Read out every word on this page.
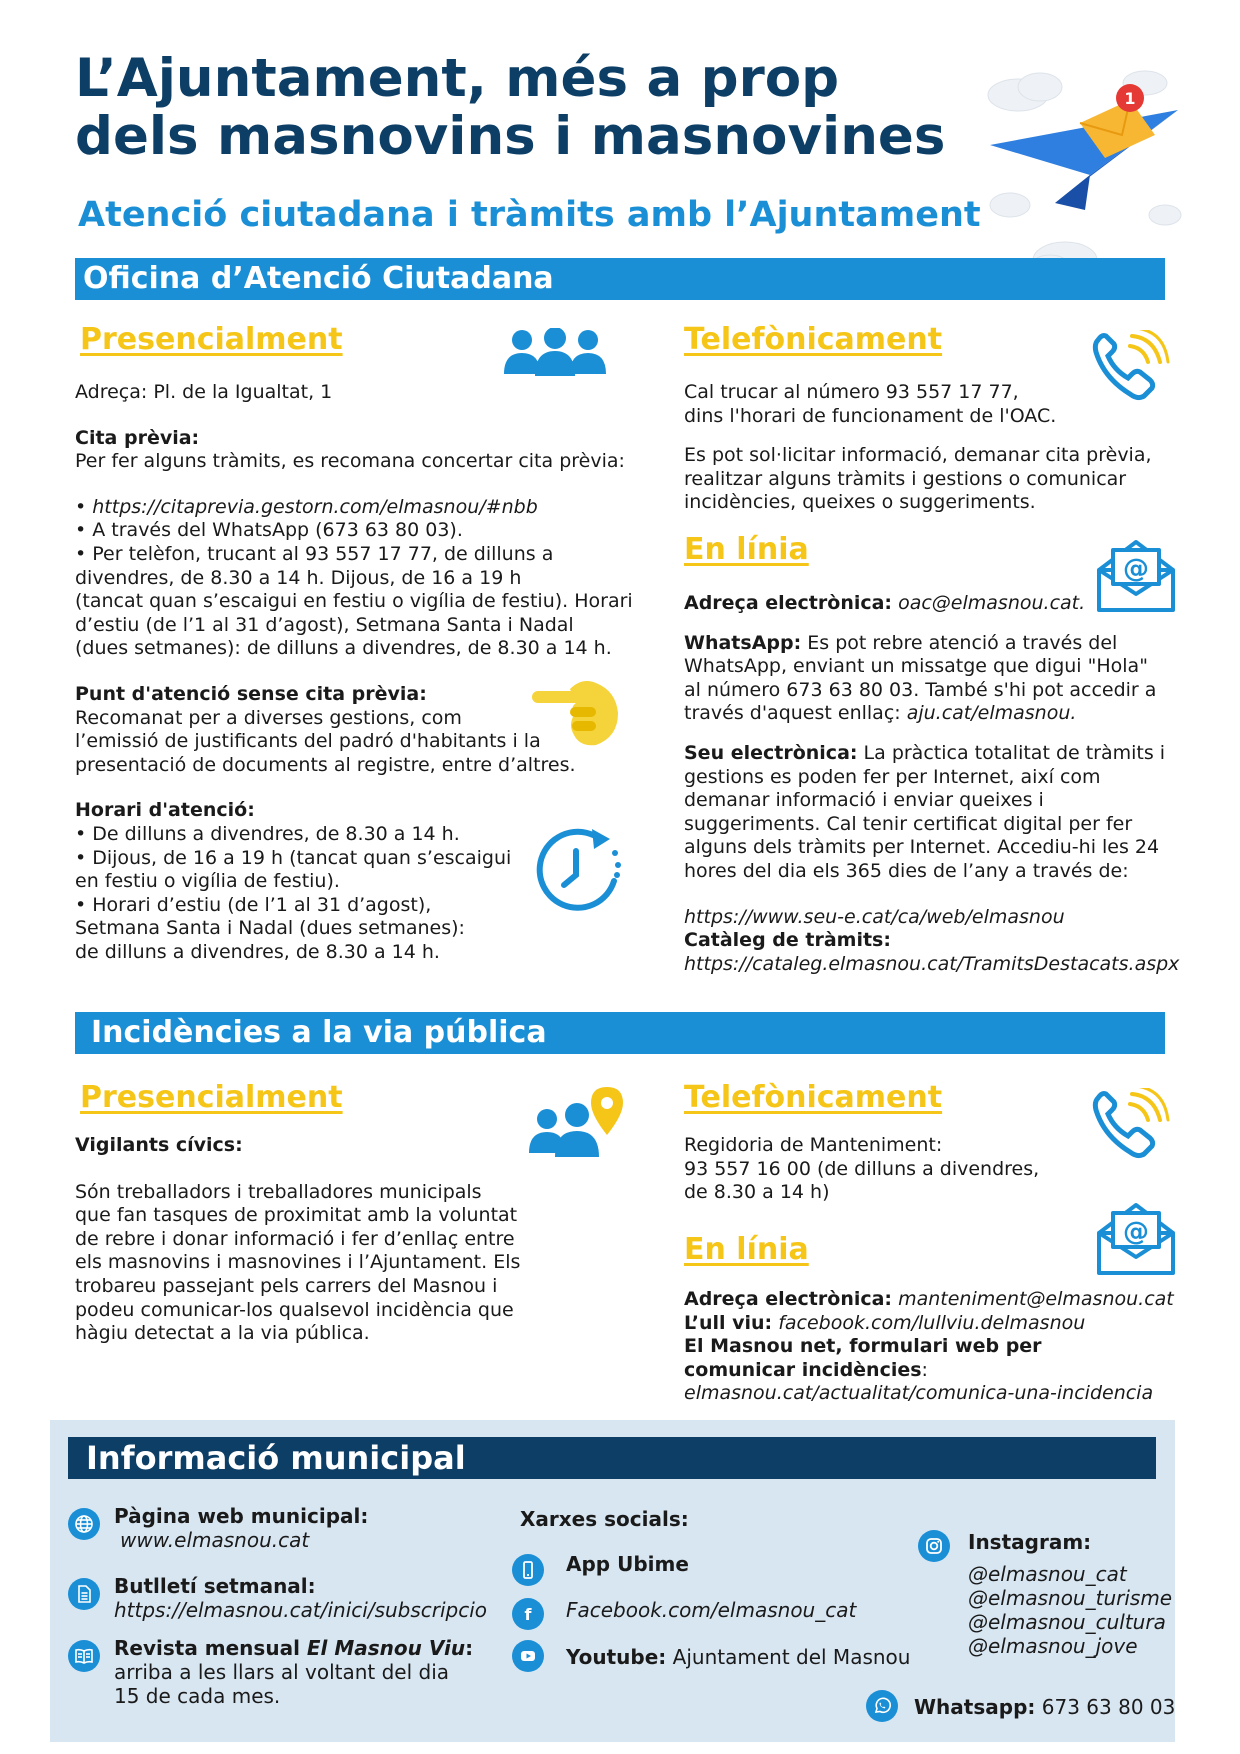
L’Ajuntament, més a prop
dels masnovins i masnovines
Atenció ciutadana i tràmits amb l’Ajuntament
1
Oficina d’Atenció Ciutadana
Presencialment

Adreça: Pl. de la Igualtat, 1

Cita prèvia:

Per fer alguns tràmits, es recomana concertar cita prèvia:

• https://citaprevia.gestorn.com/elmasnou/#nbb

• A través del WhatsApp (673 63 80 03).

• Per telèfon, trucant al 93 557 17 77, de dilluns a

divendres, de 8.30 a 14 h. Dijous, de 16 a 19 h

(tancat quan s’escaigui en festiu o vigília de festiu). Horari

d’estiu (de l’1 al 31 d’agost), Setmana Santa i Nadal

(dues setmanes): de dilluns a divendres, de 8.30 a 14 h.

Punt d'atenció sense cita prèvia:

Recomanat per a diverses gestions, com

l’emissió de justificants del padró d'habitants i la

presentació de documents al registre, entre d’altres.

Horari d'atenció:

• De dilluns a divendres, de 8.30 a 14 h.

• Dijous, de 16 a 19 h (tancat quan s’escaigui

en festiu o vigília de festiu).

• Horari d’estiu (de l’1 al 31 d’agost),

Setmana Santa i Nadal (dues setmanes):

de dilluns a divendres, de 8.30 a 14 h.

Telefònicament

Cal trucar al número 93 557 17 77,

dins l'horari de funcionament de l'OAC.

Es pot sol·licitar informació, demanar cita prèvia,

realitzar alguns tràmits i gestions o comunicar

incidències, queixes o suggeriments.

En línia
@

Adreça electrònica: oac@elmasnou.cat.

WhatsApp: Es pot rebre atenció a través del

WhatsApp, enviant un missatge que digui "Hola"

al número 673 63 80 03. També s'hi pot accedir a

través d'aquest enllaç: aju.cat/elmasnou.

Seu electrònica: La pràctica totalitat de tràmits i

gestions es poden fer per Internet, així com

demanar informació i enviar queixes i

suggeriments. Cal tenir certificat digital per fer

alguns dels tràmits per Internet. Accediu-hi les 24

hores del dia els 365 dies de l’any a través de:

https://www.seu-e.cat/ca/web/elmasnou

Catàleg de tràmits:

https://cataleg.elmasnou.cat/TramitsDestacats.aspx

Incidències a la via pública
Presencialment

Vigilants cívics:

Són treballadors i treballadores municipals

que fan tasques de proximitat amb la voluntat

de rebre i donar informació i fer d’enllaç entre

els masnovins i masnovines i l’Ajuntament. Els

trobareu passejant pels carrers del Masnou i

podeu comunicar-los qualsevol incidència que

hàgiu detectat a la via pública.

Telefònicament

Regidoria de Manteniment:

93 557 16 00 (de dilluns a divendres,

de 8.30 a 14 h)

En línia	@

Adreça electrònica: manteniment@elmasnou.cat

L’ull viu: facebook.com/lullviu.delmasnou

El Masnou net, formulari web per

comunicar incidències:

elmasnou.cat/actualitat/comunica-una-incidencia

Informació municipal

Pàgina web municipal:

www.elmasnou.cat

Butlletí setmanal:

https://elmasnou.cat/inici/subscripcio

Revista mensual El Masnou Viu:

arriba a les llars al voltant del dia

15 de cada mes.

Xarxes socials:
App Ubime
f Facebook.com/elmasnou_cat
Youtube: Ajuntament del Masnou

Instagram:

@elmasnou_cat

@elmasnou_turisme

@elmasnou_cultura

@elmasnou_jove

Whatsapp: 673 63 80 03
